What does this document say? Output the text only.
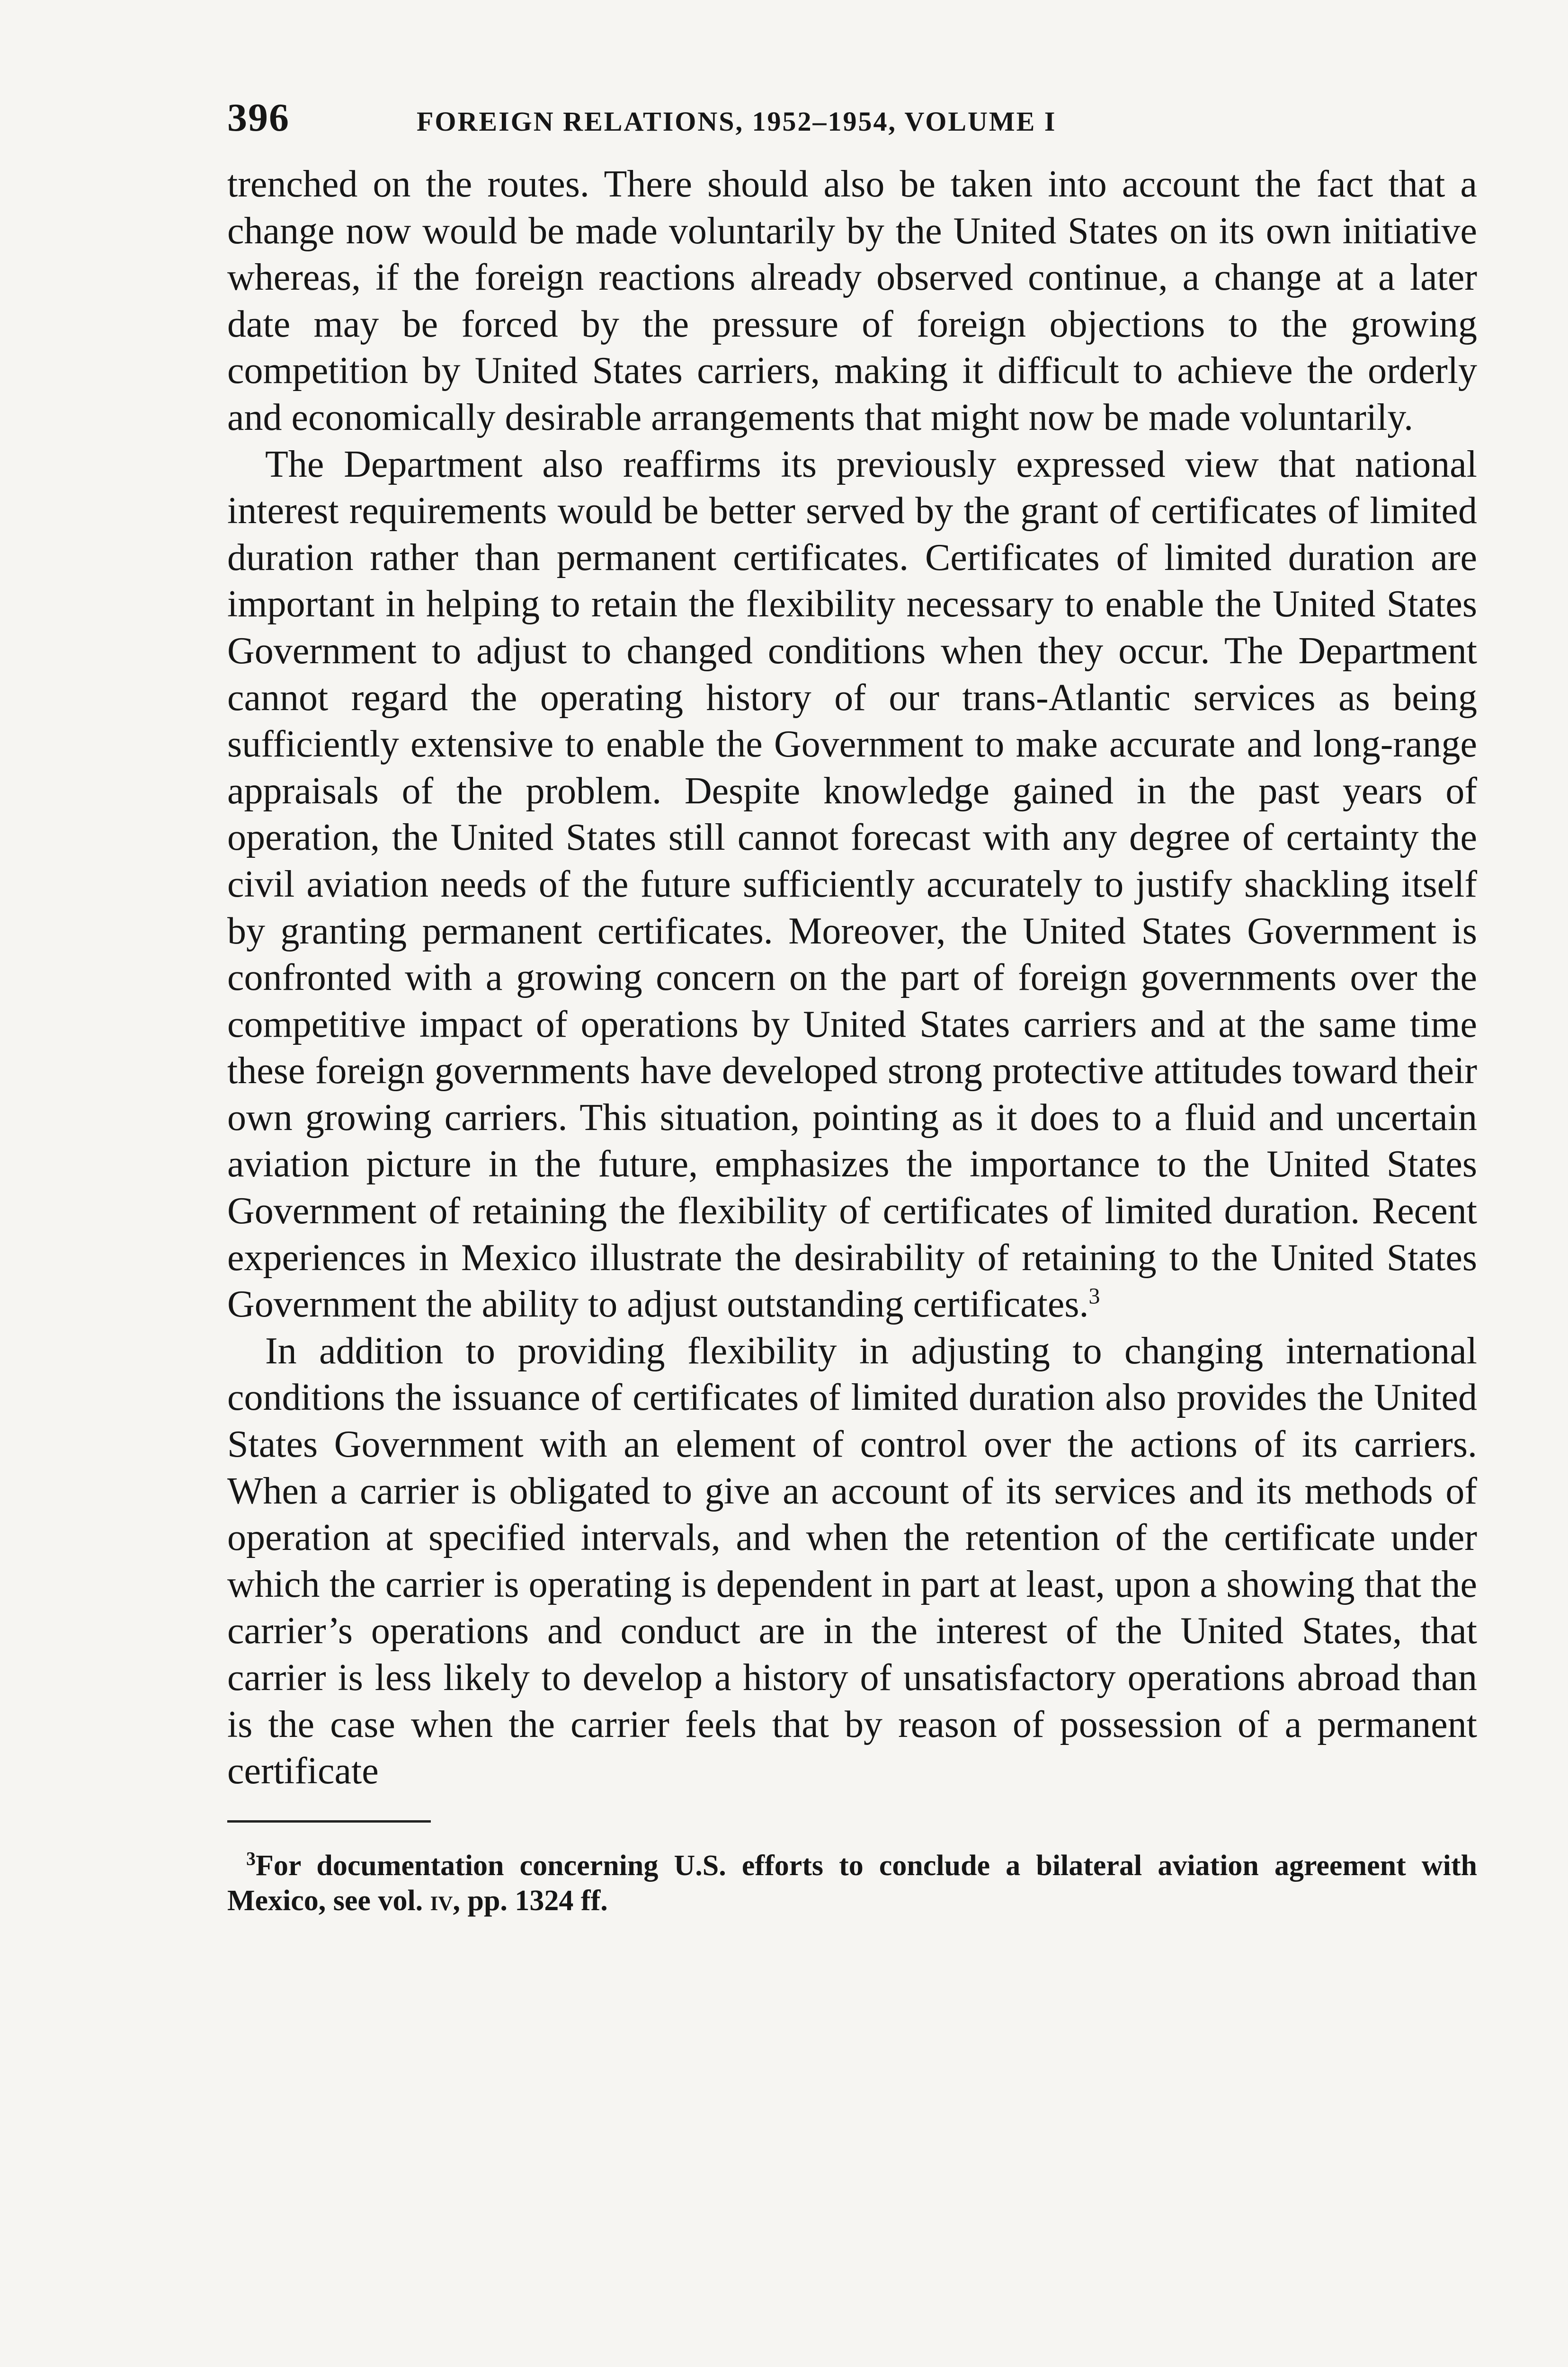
396	FOREIGN RELATIONS, 1952–1954, VOLUME I

trenched on the routes. There should also be taken into account the fact that a change now would be made voluntarily by the United States on its own initiative whereas, if the foreign reactions already observed continue, a change at a later date may be forced by the pressure of foreign objections to the growing competition by United States carriers, making it difficult to achieve the orderly and economically desirable arrangements that might now be made voluntarily.

The Department also reaffirms its previously expressed view that national interest requirements would be better served by the grant of certificates of limited duration rather than permanent certificates. Certificates of limited duration are important in helping to retain the flexibility necessary to enable the United States Government to adjust to changed conditions when they occur. The Department cannot regard the operating history of our trans-Atlantic services as being sufficiently extensive to enable the Government to make accurate and long-range appraisals of the problem. Despite knowledge gained in the past years of operation, the United States still cannot forecast with any degree of certainty the civil aviation needs of the future sufficiently accurately to justify shackling itself by granting permanent certificates. Moreover, the United States Government is confronted with a growing concern on the part of foreign governments over the competitive impact of operations by United States carriers and at the same time these foreign governments have developed strong protective attitudes toward their own growing carriers. This situation, pointing as it does to a fluid and uncertain aviation picture in the future, emphasizes the importance to the United States Government of retaining the flexibility of certificates of limited duration. Recent experiences in Mexico illustrate the desirability of retaining to the United States Government the ability to adjust outstanding certificates.$^3$

In addition to providing flexibility in adjusting to changing international conditions the issuance of certificates of limited duration also provides the United States Government with an element of control over the actions of its carriers. When a carrier is obligated to give an account of its services and its methods of operation at specified intervals, and when the retention of the certificate under which the carrier is operating is dependent in part at least, upon a showing that the carrier’s operations and conduct are in the interest of the United States, that carrier is less likely to develop a history of unsatisfactory operations abroad than is the case when the carrier feels that by reason of possession of a permanent certificate

$^3$For documentation concerning U.S. efforts to conclude a bilateral aviation agreement with Mexico, see vol. iv, pp. 1324 ff.
